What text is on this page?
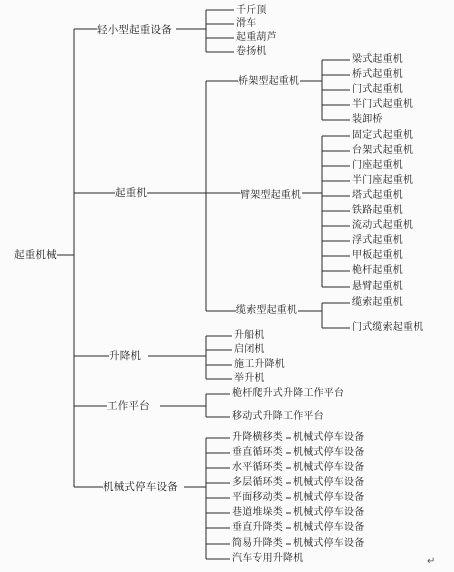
起重机械
轻小型起重设备
起重机
升降机
工作平台
机械式停车设备
千斤顶
滑车
起重葫芦
卷扬机
桥架型起重机
臂架型起重机
缆索型起重机
梁式起重机
桥式起重机
门式起重机
半门式起重机
装卸桥
固定式起重机
台架式起重机
门座起重机
半门座起重机
塔式起重机
铁路起重机
流动式起重机
浮式起重机
甲板起重机
桅杆起重机
悬臂起重机
缆索起重机
门式缆索起重机
升船机
启闭机
施工升降机
举升机
桅杆爬升式升降工作平台
移动式升降工作平台
升降横移类 机械式停车设备
垂直循环类 机械式停车设备
水平循环类 机械式停车设备
多层循环类 机械式停车设备
平面移动类 机械式停车设备
巷道堆垛类 机械式停车设备
垂直升降类 机械式停车设备
简易升降类 机械式停车设备
汽车专用升降机	↵
